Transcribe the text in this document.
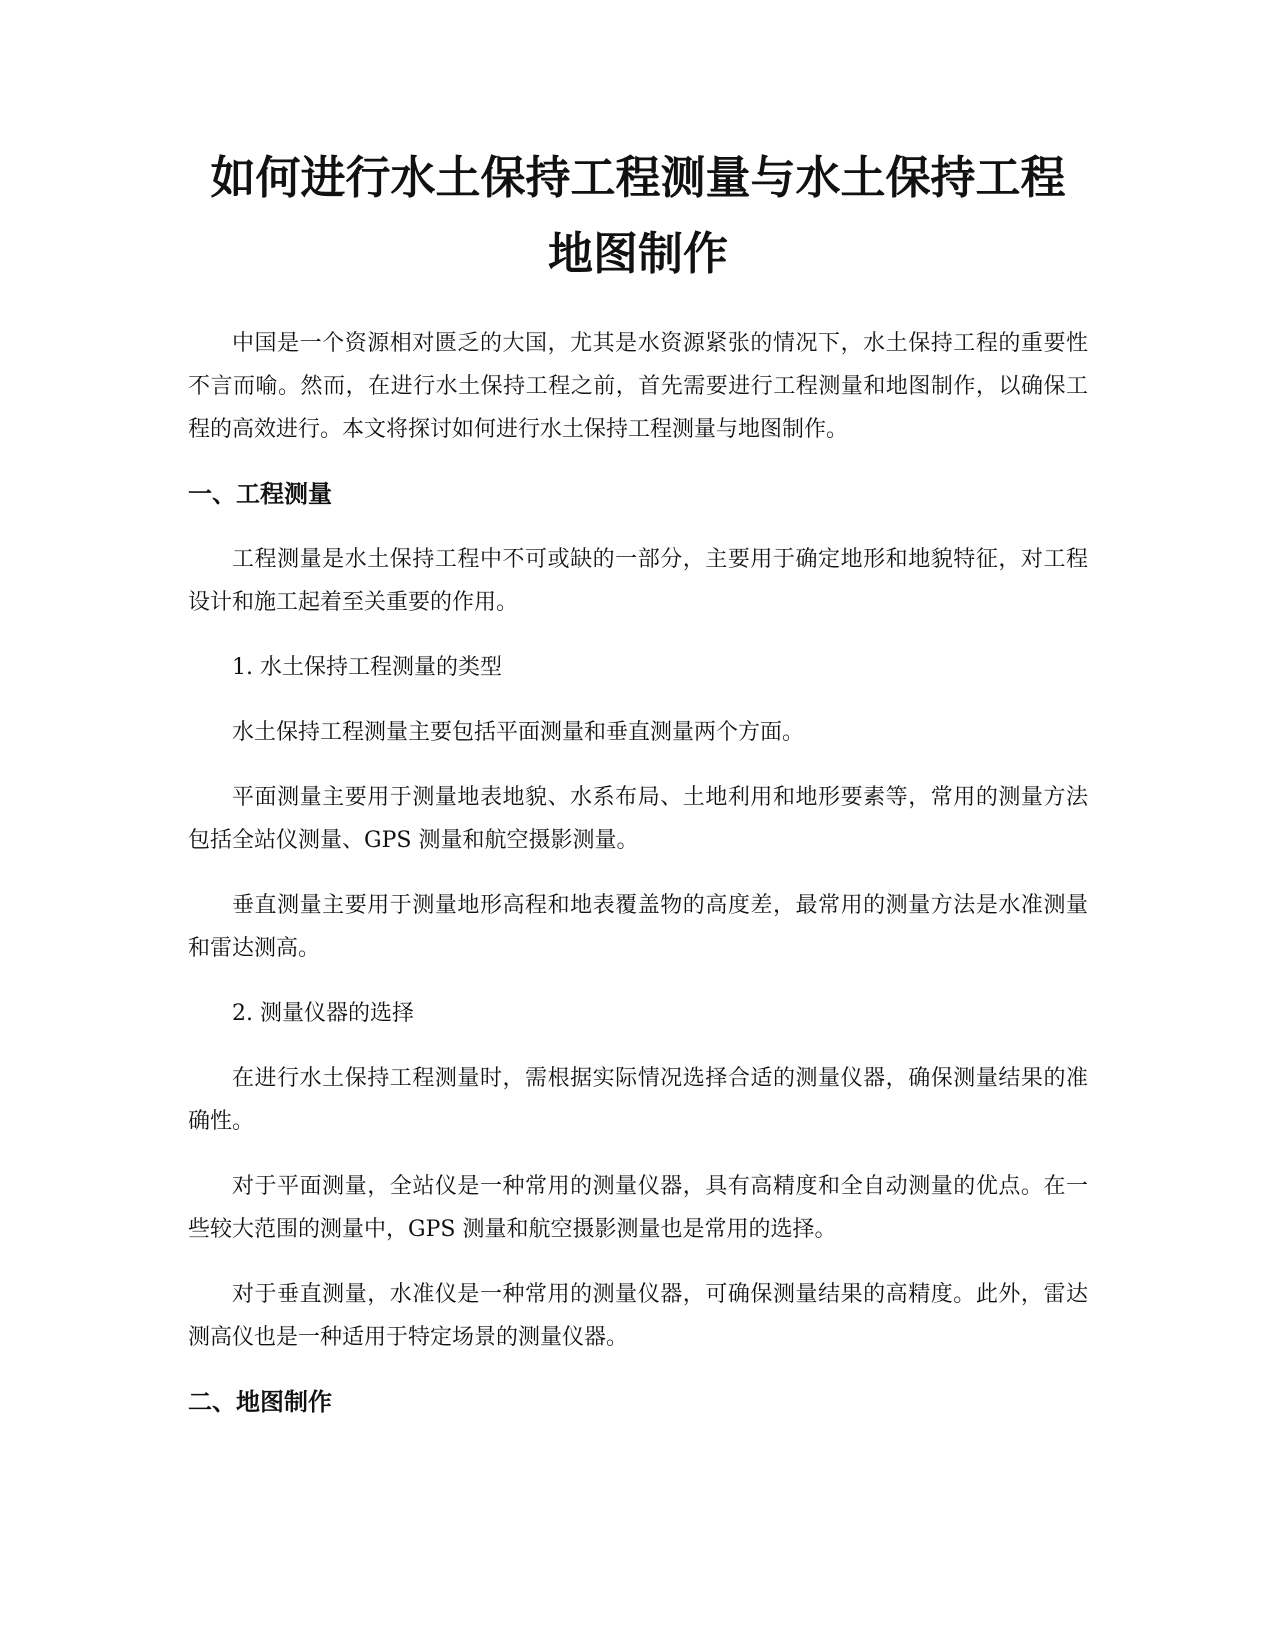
如何进行水土保持工程测量与水土保持工程
地图制作

中国是一个资源相对匮乏的大国，尤其是水资源紧张的情况下，水土保持工程的重要性不言而喻。然而，在进行水土保持工程之前，首先需要进行工程测量和地图制作，以确保工程的高效进行。本文将探讨如何进行水土保持工程测量与地图制作。

一、工程测量

工程测量是水土保持工程中不可或缺的一部分，主要用于确定地形和地貌特征，对工程设计和施工起着至关重要的作用。

1. 水土保持工程测量的类型

水土保持工程测量主要包括平面测量和垂直测量两个方面。

平面测量主要用于测量地表地貌、水系布局、土地利用和地形要素等，常用的测量方法包括全站仪测量、GPS 测量和航空摄影测量。

垂直测量主要用于测量地形高程和地表覆盖物的高度差，最常用的测量方法是水准测量和雷达测高。

2. 测量仪器的选择

在进行水土保持工程测量时，需根据实际情况选择合适的测量仪器，确保测量结果的准确性。

对于平面测量，全站仪是一种常用的测量仪器，具有高精度和全自动测量的优点。在一些较大范围的测量中，GPS 测量和航空摄影测量也是常用的选择。

对于垂直测量，水准仪是一种常用的测量仪器，可确保测量结果的高精度。此外，雷达测高仪也是一种适用于特定场景的测量仪器。

二、地图制作
